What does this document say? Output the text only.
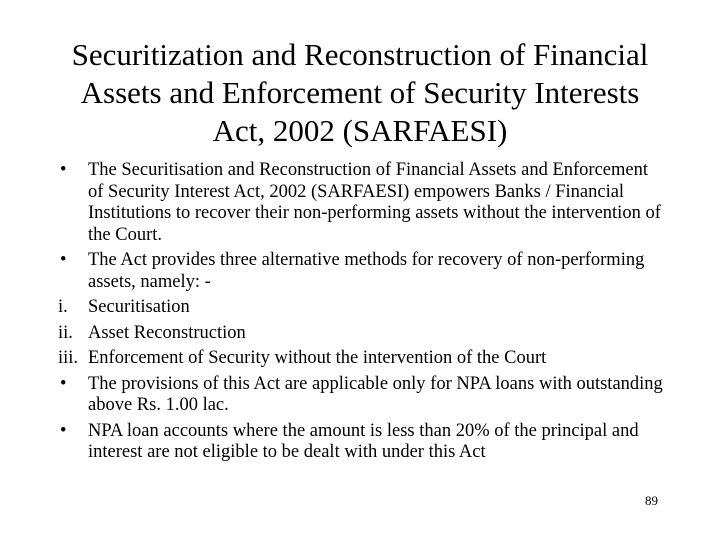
Securitization and Reconstruction of Financial
Assets and Enforcement of Security Interests
Act, 2002 (SARFAESI)
•	The Securitisation and Reconstruction of Financial Assets and Enforcement of Security Interest Act, 2002 (SARFAESI) empowers Banks / Financial Institutions to recover their non-performing assets without the intervention of the Court.
•	The Act provides three alternative methods for recovery of non-performing assets, namely: -
i.	Securitisation
ii. Asset Reconstruction
iii. Enforcement of Security without the intervention of the Court
•	The provisions of this Act are applicable only for NPA loans with outstanding above Rs. 1.00 lac.
•	NPA loan accounts where the amount is less than 20% of the principal and interest are not eligible to be dealt with under this Act
89
